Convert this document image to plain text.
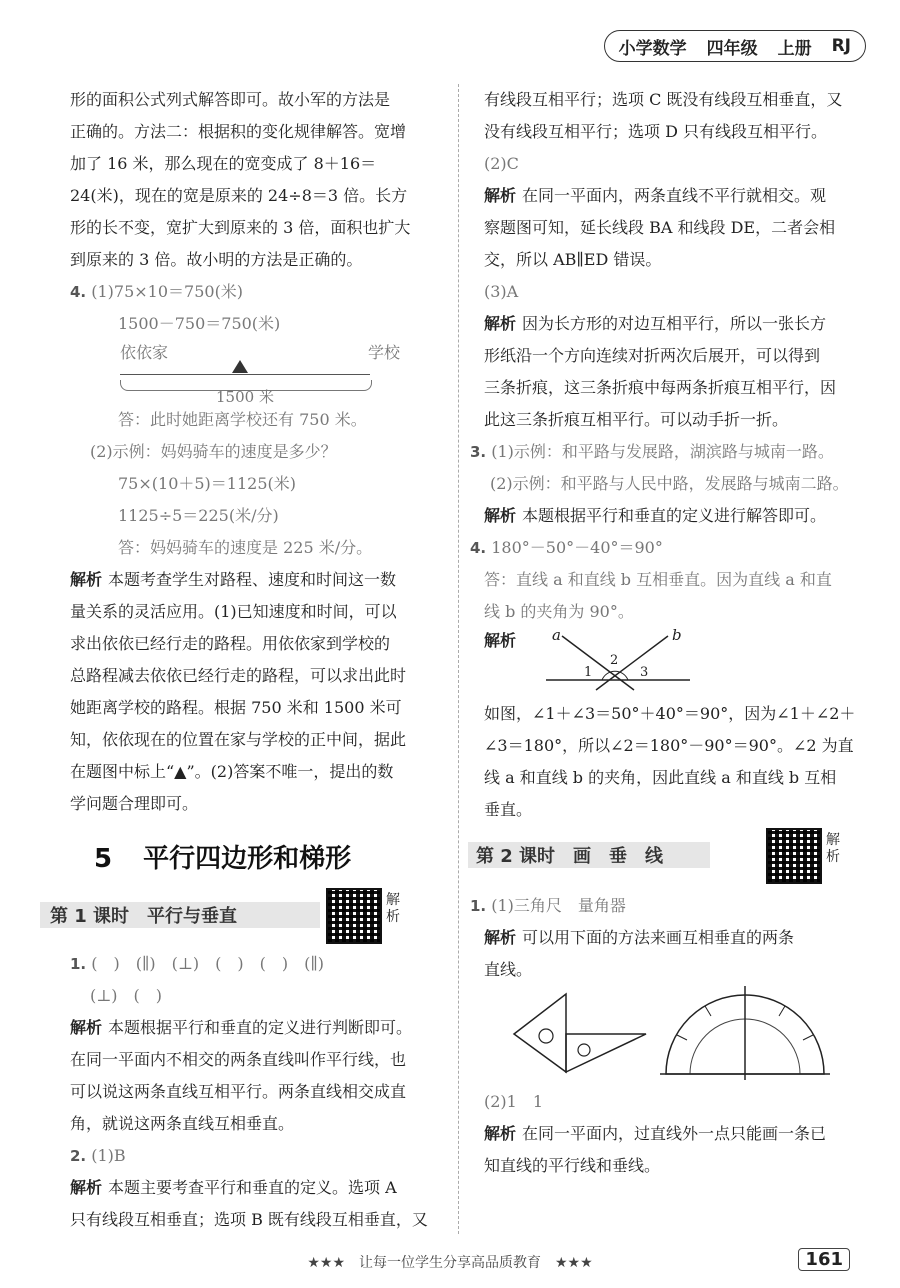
小学数学 四年级 上册 RJ

形的面积公式列式解答即可。故小军的方法是

正确的。方法二：根据积的变化规律解答。宽增

加了 16 米，那么现在的宽变成了 8＋16＝

24(米)，现在的宽是原来的 24÷8＝3 倍。长方

形的长不变，宽扩大到原来的 3 倍，面积也扩大

到原来的 3 倍。故小明的方法是正确的。

4. (1)75×10＝750(米)

1500－750＝750(米)

依依家	学校
1500 米

答：此时她距离学校还有 750 米。

(2)示例：妈妈骑车的速度是多少？

75×(10＋5)＝1125(米)

1125÷5＝225(米/分)

答：妈妈骑车的速度是 225 米/分。

解析 本题考查学生对路程、速度和时间这一数

量关系的灵活应用。(1)已知速度和时间，可以

求出依依已经行走的路程。用依依家到学校的

总路程减去依依已经行走的路程，可以求出此时

她距离学校的路程。根据 750 米和 1500 米可

知，依依现在的位置在家与学校的正中间，据此

在题图中标上“▲”。(2)答案不唯一，提出的数

学问题合理即可。

5 平行四边形和梯形
第 1 课时　平行与垂直
解
析

1. (　)　(∥)　(⊥)　(　)　(　)　(∥)

(⊥)　(　)

解析 本题根据平行和垂直的定义进行判断即可。

在同一平面内不相交的两条直线叫作平行线，也

可以说这两条直线互相平行。两条直线相交成直

角，就说这两条直线互相垂直。

2. (1)B

解析 本题主要考查平行和垂直的定义。选项 A

只有线段互相垂直；选项 B 既有线段互相垂直，又

有线段互相平行；选项 C 既没有线段互相垂直，又

没有线段互相平行；选项 D 只有线段互相平行。

(2)C

解析 在同一平面内，两条直线不平行就相交。观

察题图可知，延长线段 BA 和线段 DE，二者会相

交，所以 AB∥ED 错误。

(3)A

解析 因为长方形的对边互相平行，所以一张长方

形纸沿一个方向连续对折两次后展开，可以得到

三条折痕，这三条折痕中每两条折痕互相平行，因

此这三条折痕互相平行。可以动手折一折。

3. (1)示例：和平路与发展路，湖滨路与城南一路。

(2)示例：和平路与人民中路，发展路与城南二路。

解析 本题根据平行和垂直的定义进行解答即可。

4. 180°－50°－40°＝90°

答：直线 a 和直线 b 互相垂直。因为直线 a 和直

线 b 的夹角为 90°。

解析 a	b
1
2
3

如图，∠1＋∠3＝50°＋40°＝90°，因为∠1＋∠2＋

∠3＝180°，所以∠2＝180°－90°＝90°。∠2 为直

线 a 和直线 b 的夹角，因此直线 a 和直线 b 互相

垂直。

第 2 课时　画　垂　线
解
析

1. (1)三角尺　量角器

解析 可以用下面的方法来画互相垂直的两条

直线。

(2)1　1

解析 在同一平面内，过直线外一点只能画一条已

知直线的平行线和垂线。

★★★　让每一位学生分享高品质教育　★★★	161
